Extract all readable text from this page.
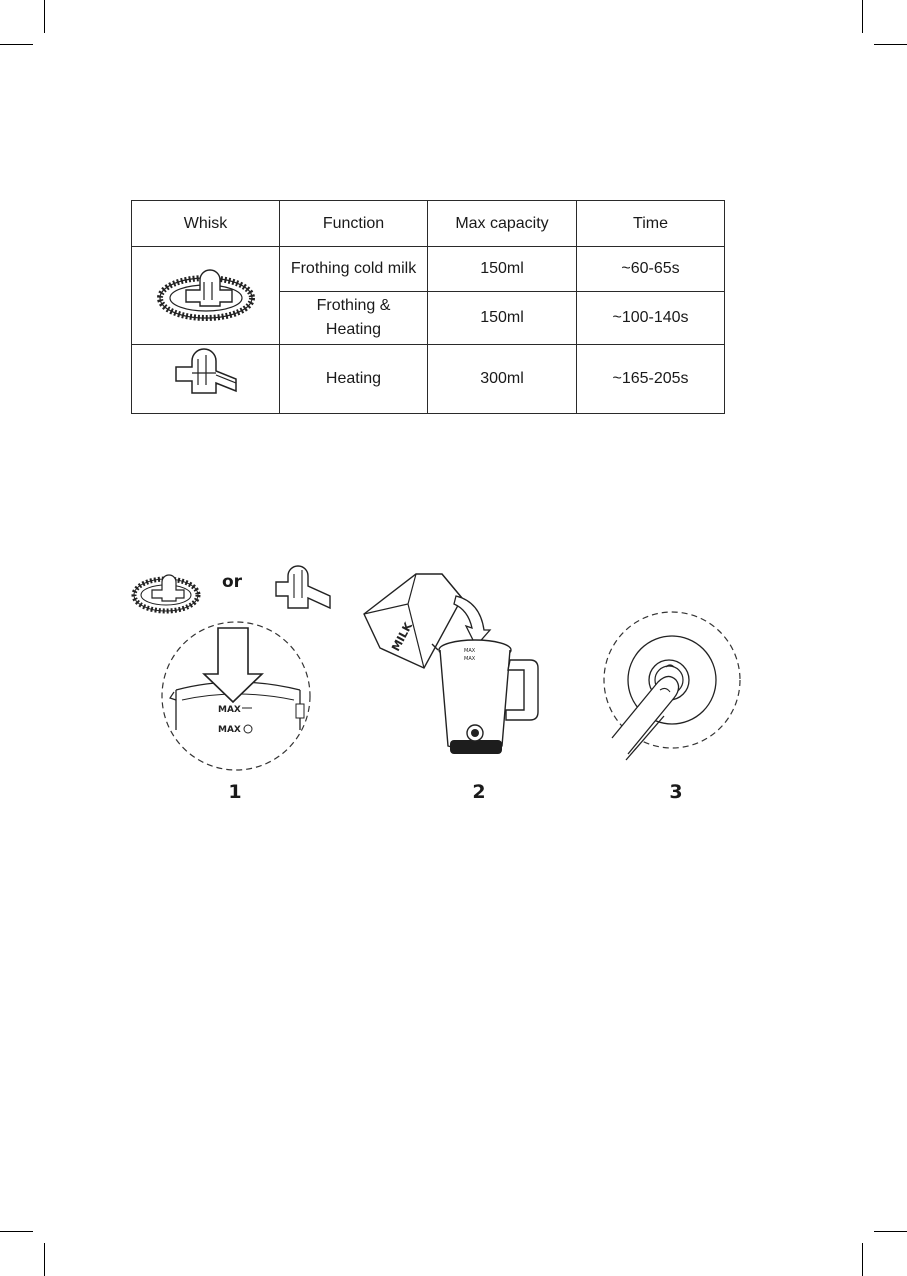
Whisk	Function	Max capacity	Time
	Frothing cold milk	150ml	~60-65s

	Frothing &
Heating	150ml	~100-140s
	Heating	300ml	~165-205s
MAX
MAX
MILK	MAX
MAX
or
1	2	3
